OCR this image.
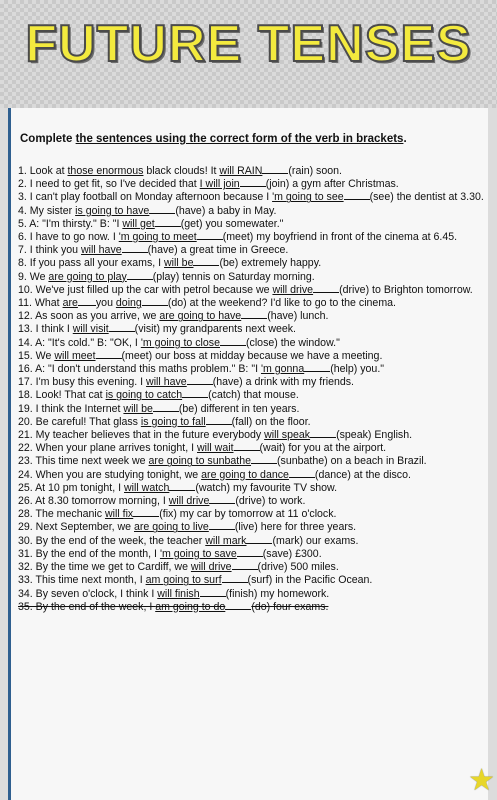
FUTURE TENSES
Complete the sentences using the correct form of the verb in brackets.
1. Look at those enormous black clouds! It will RAIN (rain) soon.
2. I need to get fit, so I've decided that I will join (join) a gym after Christmas.
3. I can't play football on Monday afternoon because I 'm going to see (see) the dentist at 3.30.
4. My sister is going to have (have) a baby in May.
5. A: "I'm thirsty." B: "I will get (get) you somewater."
6. I have to go now. I 'm going to meet (meet) my boyfriend in front of the cinema at 6.45.
7. I think you will have (have) a great time in Greece.
8. If you pass all your exams, I will be (be) extremely happy.
9. We are going to play (play) tennis on Saturday morning.
10. We've just filled up the car with petrol because we will drive (drive) to Brighton tomorrow.
11. What are you doing (do) at the weekend? I'd like to go to the cinema.
12. As soon as you arrive, we are going to have (have) lunch.
13. I think I will visit (visit) my grandparents next week.
14. A: "It's cold." B: "OK, I 'm going to close (close) the window."
15. We will meet (meet) our boss at midday because we have a meeting.
16. A: "I don't understand this maths problem." B: "I 'm gonna (help) you."
17. I'm busy this evening. I will have (have) a drink with my friends.
18. Look! That cat is going to catch (catch) that mouse.
19. I think the Internet will be (be) different in ten years.
20. Be careful! That glass is going to fall (fall) on the floor.
21. My teacher believes that in the future everybody will speak (speak) English.
22. When your plane arrives tonight, I will wait (wait) for you at the airport.
23. This time next week we are going to sunbathe (sunbathe) on a beach in Brazil.
24. When you are studying tonight, we are going to dance (dance) at the disco.
25. At 10 pm tonight, I will watch (watch) my favourite TV show.
26. At 8.30 tomorrow morning, I will drive (drive) to work.
28. The mechanic will fix (fix) my car by tomorrow at 11 o'clock.
29. Next September, we are going to live (live) here for three years.
30. By the end of the week, the teacher will mark (mark) our exams.
31. By the end of the month, I 'm going to save (save) £300.
32. By the time we get to Cardiff, we will drive (drive) 500 miles.
33. This time next month, I am going to surf (surf) in the Pacific Ocean.
34. By seven o'clock, I think I will finish (finish) my homework.
35. By the end of the week, I am going to do (do) four exams.
★
